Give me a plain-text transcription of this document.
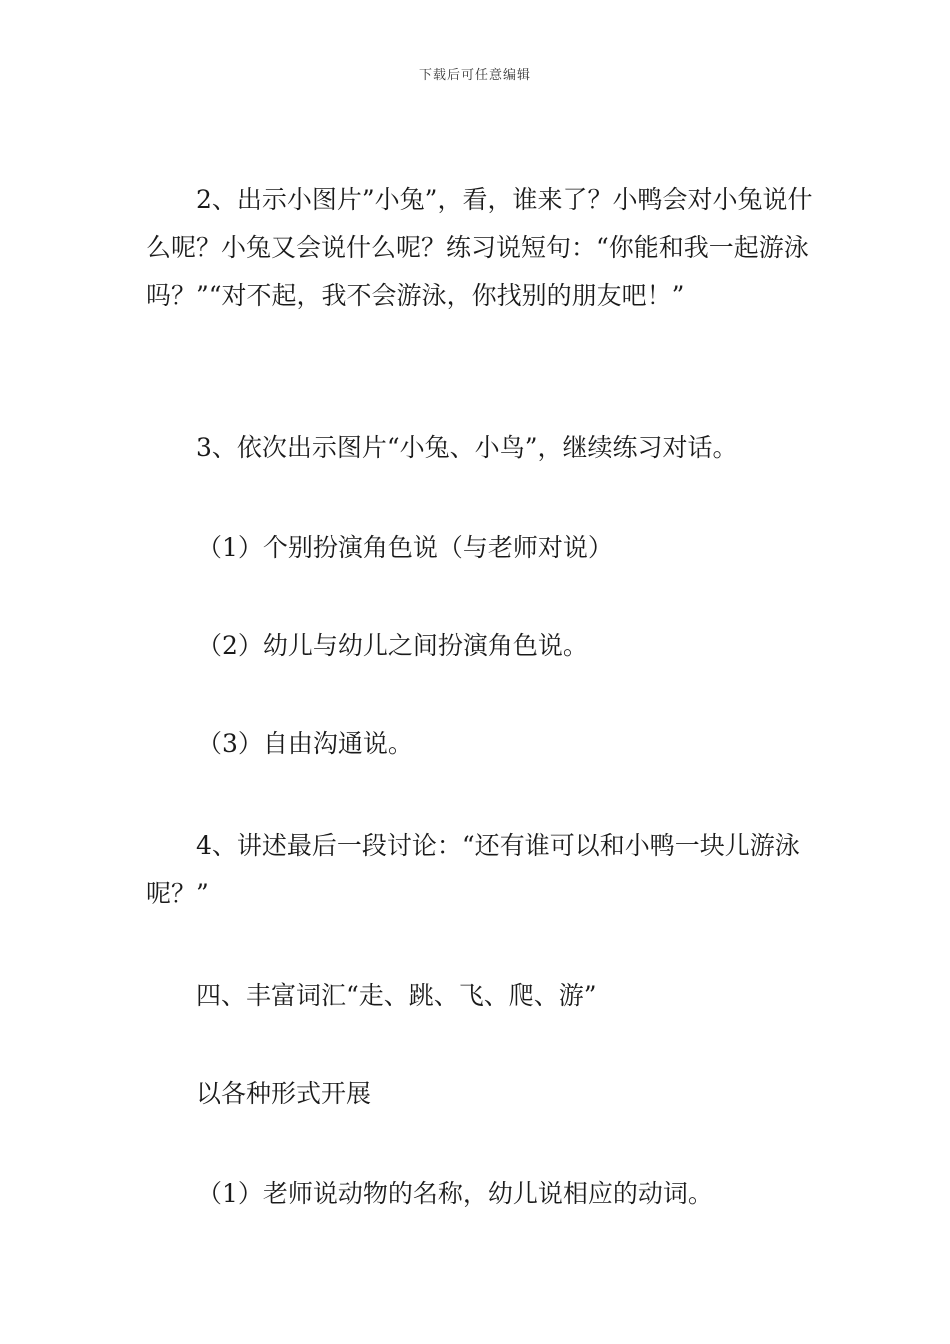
下载后可任意编辑

2、出示小图片”小兔”，看，谁来了？小鸭会对小兔说什么呢？小兔又会说什么呢？练习说短句：“你能和我一起游泳吗？”“对不起，我不会游泳，你找别的朋友吧！”

3、依次出示图片“小兔、小鸟”，继续练习对话。

（1）个别扮演角色说（与老师对说）

（2）幼儿与幼儿之间扮演角色说。

（3）自由沟通说。

4、讲述最后一段讨论：“还有谁可以和小鸭一块儿游泳呢？”

四、丰富词汇“走、跳、飞、爬、游”

以各种形式开展

（1）老师说动物的名称，幼儿说相应的动词。
